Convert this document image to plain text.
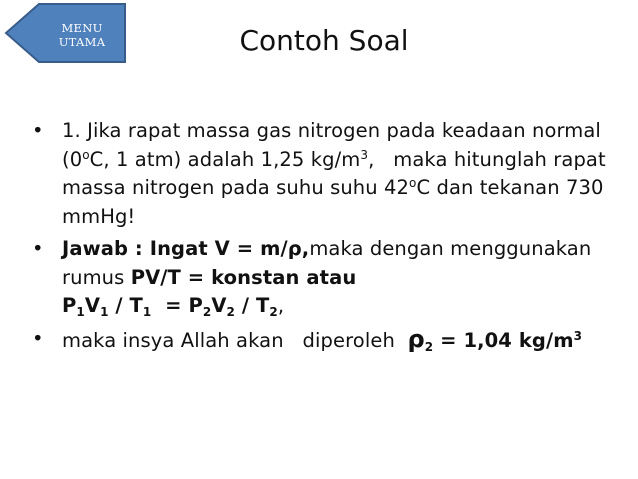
MENU
UTAMA	Contoh Soal
• 1. Jika rapat massa gas nitrogen pada keadaan normal (0$^o$C, 1 atm) adalah 1,25 $kg/m^3$,   maka hitunglah rapat massa nitrogen pada suhu suhu 42$^o$C dan tekanan 730 mmHg!
• Jawab : Ingat V = m/ρ,maka dengan menggunakan rumus PV/T = konstan atau
$P_1V_1 / T_1 = P_2V_2 / T_2$,
• maka insya Allah akan   diperoleh  $\rho_2 = 1,04$ $kg/m^3$
